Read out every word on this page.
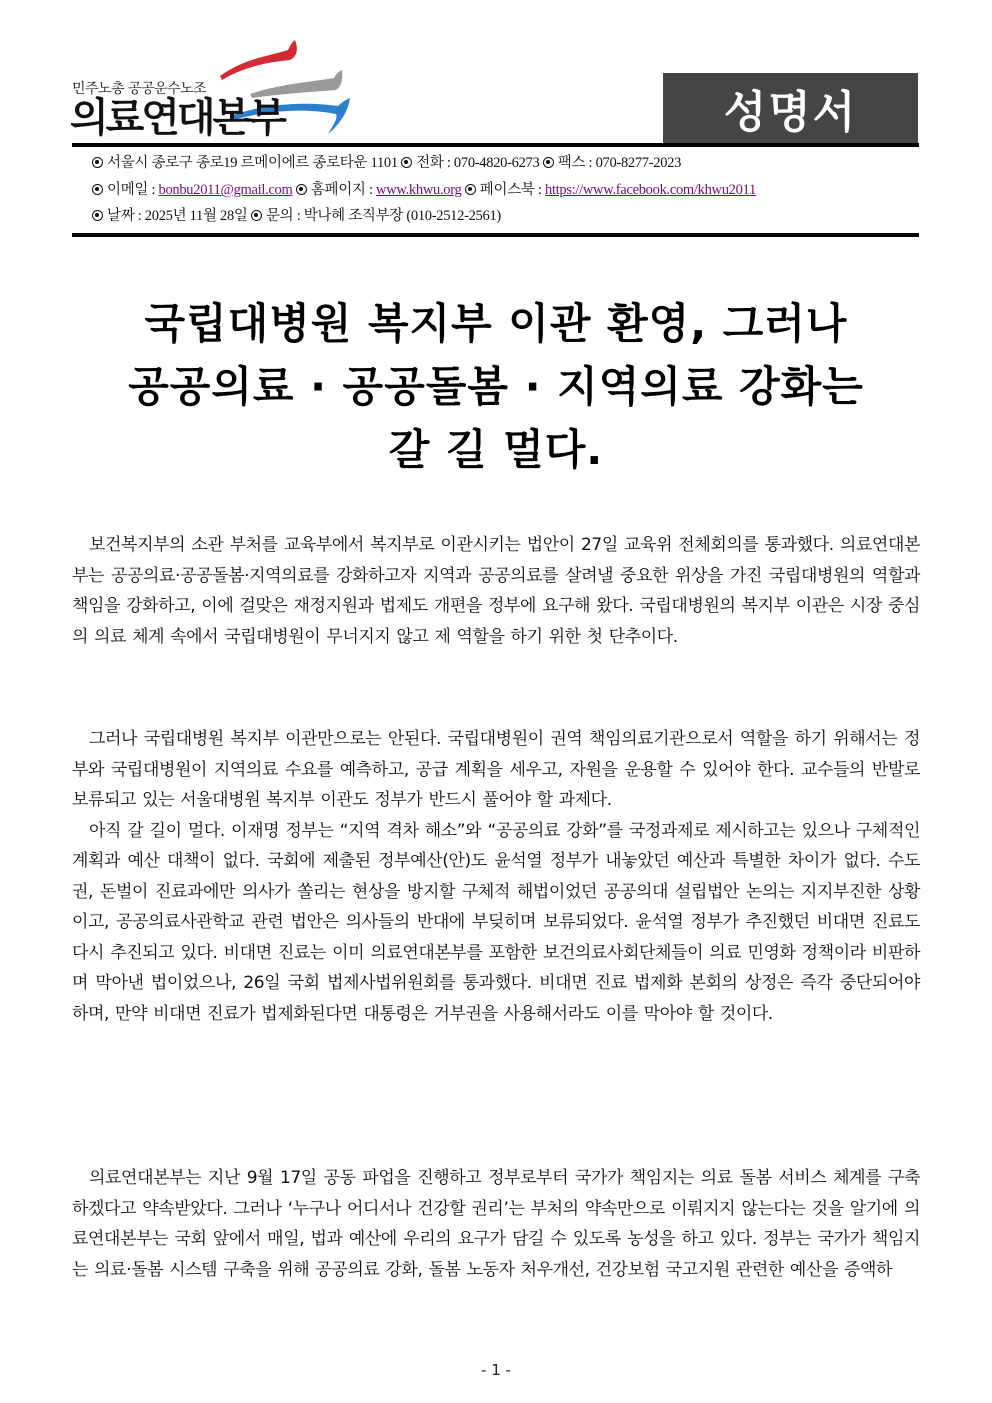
민주노총 공공운수노조
의료연대본부	성명서
서울시 종로구 종로19 르메이에르 종로타운 1101 전화 : 070-4820-6273 팩스 : 070-8277-2023
이메일 : bonbu2011@gmail.com 홈페이지 : www.khwu.org 페이스북 : https://www.facebook.com/khwu2011
날짜 : 2025년 11월 28일 문의 : 박나혜 조직부장 (010-2512-2561)
국립대병원 복지부 이관 환영, 그러나
공공의료 · 공공돌봄 · 지역의료 강화는
갈 길 멀다.

보건복지부의 소관 부처를 교육부에서 복지부로 이관시키는 법안이 27일 교육위 전체회의를 통과했다. 의료연대본부는 공공의료·공공돌봄·지역의료를 강화하고자 지역과 공공의료를 살려낼 중요한 위상을 가진 국립대병원의 역할과 책임을 강화하고, 이에 걸맞은 재정지원과 법제도 개편을 정부에 요구해 왔다. 국립대병원의 복지부 이관은 시장 중심의 의료 체계 속에서 국립대병원이 무너지지 않고 제 역할을 하기 위한 첫 단추이다.

그러나 국립대병원 복지부 이관만으로는 안된다. 국립대병원이 권역 책임의료기관으로서 역할을 하기 위해서는 정부와 국립대병원이 지역의료 수요를 예측하고, 공급 계획을 세우고, 자원을 운용할 수 있어야 한다. 교수들의 반발로 보류되고 있는 서울대병원 복지부 이관도 정부가 반드시 풀어야 할 과제다.

아직 갈 길이 멀다. 이재명 정부는 “지역 격차 해소”와 “공공의료 강화”를 국정과제로 제시하고는 있으나 구체적인 계획과 예산 대책이 없다. 국회에 제출된 정부예산(안)도 윤석열 정부가 내놓았던 예산과 특별한 차이가 없다. 수도권, 돈벌이 진료과에만 의사가 쏠리는 현상을 방지할 구체적 해법이었던 공공의대 설립법안 논의는 지지부진한 상황이고, 공공의료사관학교 관련 법안은 의사들의 반대에 부딪히며 보류되었다. 윤석열 정부가 추진했던 비대면 진료도 다시 추진되고 있다. 비대면 진료는 이미 의료연대본부를 포함한 보건의료사회단체들이 의료 민영화 정책이라 비판하며 막아낸 법이었으나, 26일 국회 법제사법위원회를 통과했다. 비대면 진료 법제화 본회의 상정은 즉각 중단되어야 하며, 만약 비대면 진료가 법제화된다면 대통령은 거부권을 사용해서라도 이를 막아야 할 것이다.

의료연대본부는 지난 9월 17일 공동 파업을 진행하고 정부로부터 국가가 책임지는 의료 돌봄 서비스 체계를 구축하겠다고 약속받았다. 그러나 ‘누구나 어디서나 건강할 권리’는 부처의 약속만으로 이뤄지지 않는다는 것을 알기에 의료연대본부는 국회 앞에서 매일, 법과 예산에 우리의 요구가 담길 수 있도록 농성을 하고 있다. 정부는 국가가 책임지는 의료·돌봄 시스템 구축을 위해 공공의료 강화, 돌봄 노동자 처우개선, 건강보험 국고지원 관련한 예산을 증액하

- 1 -
